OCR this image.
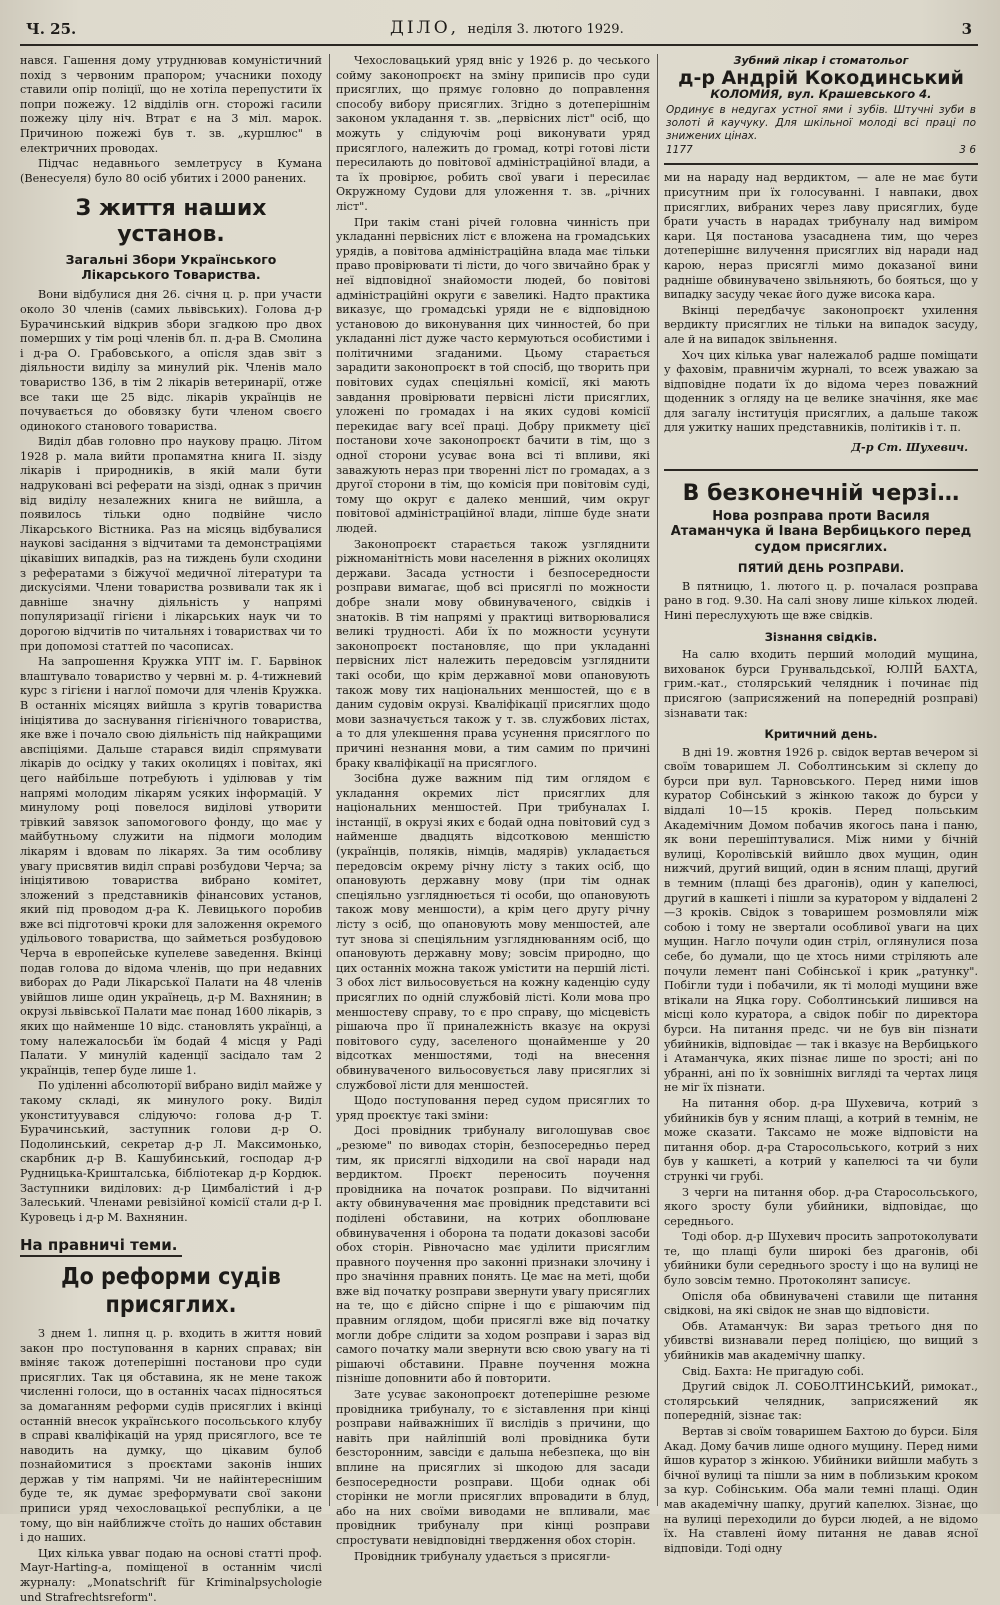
Ч. 25.	ДІЛО, неділя 3. лютого 1929.	3

нався. Гашення дому утруднював комуністичний похід з червоним прапором; учасники походу ставили опір поліції, що не хотіла перепустити їх попри пожежу. 12 відділів огн. сторожі гасили пожежу цілу ніч. Втрат є на 3 міл. марок. Причиною пожежі був т. зв. „куршлюс" в електричних проводах.

Підчас недавнього землетрусу в Кумана (Венесуеля) було 80 осіб убитих і 2000 ранених.

З життя наших установ.
Загальні Збори Українського Лікарського Товариства.

Вони відбулися дня 26. січня ц. р. при участи около 30 членів (самих львівських). Голова д-р Бурачинський відкрив збори згадкою про двох померших у тім році членів бл. п. д-ра В. Смолина і д-ра О. Грабовського, а опісля здав звіт з діяльности виділу за минулий рік. Членів мало товариство 136, в тім 2 лікарів ветеринарії, отже все таки ще 25 відс. лікарів українців не почувається до обовязку бути членом своєго одинокого станового товариства.

Виділ дбав головно про наукову працю. Літом 1928 р. мала вийти пропамятна книга II. зізду лікарів і природників, в якій мали бути надруковані всі реферати на зізді, однак з причин від виділу незалежних книга не вийшла, а появилось тільки одно подвійне число Лікарського Вістника. Раз на місяць відбувалися наукові засідання з відчитами та демонстраціями цікавіших випадків, раз на тиждень були сходини з рефератами з біжучої медичної літератури та дискусіями. Члени товариства розвивали так як і давніше значну діяльність у напрямі популяризації гігієни і лікарських наук чи то дорогою відчитів по читальнях і товариствах чи то при допомозі статтей по часописах.

На запрошення Кружка УПТ ім. Г. Барвінок влаштувало товариство у червні м. р. 4-тижневий курс з гігієни і наглої помочи для членів Кружка. В останніх місяцях вийшла з кругів товариства ініціятива до заснування гігієнічного товариства, яке вже і почало свою діяльність під найкращими авспіціями. Дальше старався виділ спрямувати лікарів до осідку у таких околицях і повітах, які цего найбільше потребують і уділював у тім напрямі молодим лікарям усяких інформацій. У минулому році повелося виділові утворити трівкий завязок запомогового фонду, що має у майбутньому служити на підмоги молодим лікарям і вдовам по лікарях. За тим особливу увагу присвятив виділ справі розбудови Черча; за ініціятивою товариства вибрано комітет, зложений з представників фінансових установ, який під проводом д-ра К. Левицького поробив вже всі підготовчі кроки для заложення окремого удільового товариства, що займеться розбудовою Черча в европейське купелеве заведення. Вкінці подав голова до відома членів, що при недавних виборах до Ради Лікарської Палати на 48 членів увійшов лише один українець, д-р М. Вахнянин; в окрузі львівської Палати має понад 1600 лікарів, з яких що найменше 10 відс. становлять українці, а тому належалосьби їм бодай 4 місця у Раді Палати. У минулій каденції засідало там 2 українців, тепер буде лише 1.

По уділенні абсолюторії вибрано виділ майже у такому складі, як минулого року. Виділ уконституувався слідуючо: голова д-р Т. Бурачинський, заступник голови д-р О. Подолинський, секретар д-р Л. Максимонько, скарбник д-р В. Кашубинський, господар д-р Рудницька-Кришталська, бібліотекар д-р Кордюк. Заступники виділових: д-р Цимбалістий і д-р Залеський. Членами ревізійної комісії стали д-р І. Куровець і д-р М. Вахнянин.

На правничі теми.
До реформи судів присяглих.

З днем 1. липня ц. р. входить в життя новий закон про поступовання в карних справах; він вміняє також дотеперішні постанови про суди присяглих. Так ця обставина, як не мене також численні голоси, що в останніх часах підносяться за домаганням реформи судів присяглих і вкінці останній внесок українського посольського клубу в справі кваліфікацій на уряд присяглого, все те наводить на думку, що цікавим булоб познайомитися з проєктами законів інших держав у тім напрямі. Чи не найінтереснішим буде те, як думає зреформувати свої закони приписи уряд чехословацької республіки, а це тому, що він найближче стоїть до наших обставин і до наших.

Цих кілька увваг подаю на основі статті проф. Mayr-Harting-a, поміщеної в останнім числі журналу: „Monatschrift für Kriminalpsychologie und Strafrechtsreform".

Чехословацький уряд вніс у 1926 р. до чеського сойму законопроєкт на зміну приписів про суди присяглих, що прямує головно до поправлення способу вибору присяглих. Згідно з дотеперішнім законом укладання т. зв. „первісних ліст" осіб, що можуть у слідуючім році виконувати уряд присяглого, належить до громад, котрі готові лісти пересилають до повітової адміністраційної влади, а та їх провірює, робить свої уваги і пересилає Окружному Судови для уложення т. зв. „річних ліст".

При такім стані річей головна чинність при укладанні первісних ліст є вложена на громадських урядів, а повітова адміністраційна влада має тільки право провірювати ті лісти, до чого звичайно брак у неї відповідної знайомости людей, бо повітові адміністраційні округи є завеликі. Надто практика виказує, що громадські уряди не є відповідною установою до виконування цих чинностей, бо при укладанні ліст дуже часто кермуються особистими і політичними згаданими. Цьому старається зарадити законопроєкт в той спосіб, що творить при повітових судах спеціяльні комісії, які мають завдання провірювати первісні лісти присяглих, уложені по громадах і на яких судові комісії перекидає вагу всеї праці. Добру прикмету цієї постанови хоче законопроєкт бачити в тім, що з одної сторони усуває вона всі ті впливи, які заважують нераз при творенні ліст по громадах, а з другої сторони в тім, що комісія при повітовім суді, тому що округ є далеко менший, чим округ повітової адміністраційної влади, ліпше буде знати людей.

Законопроєкт старається також узгляднити ріжноманітність мови населення в ріжних околицях держави. Засада устности і безпосередности розправи вимагає, щоб всі присяглі по можности добре знали мову обвинуваченого, свідків і знатоків. В тім напрямі у практиці витворювалися великі трудності. Аби їх по можности усунути законопроєкт постановляє, що при укладанні первісних ліст належить передовсім узгляднити такі особи, що крім державної мови опановують також мову тих національних меншостей, що є в даним судовім окрузі. Кваліфікації присяглих щодо мови зазначується також у т. зв. службових лістах, а то для улекшення права усунення присяглого по причині незнання мови, а тим самим по причині браку кваліфікації на присяглого.

Зосібна дуже важним під тим оглядом є укладання окремих ліст присяглих для національних меншостей. При трибуналах I. інстанції, в окрузі яких є бодай одна повітовий суд з найменше двадцять відсотковою меншістю (українців, поляків, німців, мадярів) укладається передовсім окрему річну лісту з таких осіб, що опановують державну мову (при тім однак спеціяльно узгляднюється ті особи, що опановують також мову меншости), а крім цего другу річну лісту з осіб, що опановують мову меншостей, але тут знова зі спеціяльним узгляднюванням осіб, що опановують державну мову; зовсім природно, що цих останніх можна також умістити на першій лісті. З обох ліст вильосовується на кожну каденцію суду присяглих по одній службовій лісті. Коли мова про меншостеву справу, то є про справу, що місцевість рішаюча про її приналежність вказує на окрузі повітового суду, заселеного щонайменше у 20 відсотках меншостями, тоді на внесення обвинуваченого вильосовується лаву присяглих зі службової лісти для меншостей.

Щодо поступовання перед судом присяглих то уряд проєктує такі зміни:

Досі провідник трибуналу виголошував своє „резюме" по виводах сторін, безпосередньо перед тим, як присяглі відходили на свої наради над вердиктом. Проєкт переносить поучення провідника на початок розправи. По відчитанні акту обвинувачення має провідник представити всі поділені обставини, на котрих обоплюване обвинувачення і оборона та подати доказові засоби обох сторін. Рівночасно має уділити присяглим правного поучення про законні признаки злочину і про значіння правних понять. Це має на меті, щоби вже від початку розправи звернути увагу присяглих на те, що є дійсно спірне і що є рішаючим під правним оглядом, щоби присяглі вже від початку могли добре слідити за ходом розправи і зараз від самого початку мали звернути всю свою увагу на ті рішаючі обставини. Правне поучення можна пізніше доповнити або й повторити.

Зате усуває законопроєкт дотеперішне резюме провідника трибуналу, то є зіставлення при кінці розправи найважніших її вислідів з причини, що навіть при найліпшій волі провідника бути безсторонним, завсіди є дальша небезпека, що він вплине на присяглих зі шкодою для засади безпосередности розправи. Щоби однак обі сторінки не могли присяглих впровадити в блуд, або на них своїми виводами не впливали, має провідник трибуналу при кінці розправи спростувати невідповідні твердження обох сторін.

Провідник трибуналу удається з присягли-

Зубний лікар і стоматольог
д-р Андрій Кокодинський
КОЛОМИЯ, вул. Крашевського 4.
Ординує в недугах устної ями і зубів. Штучні зуби в золоті й каучуку. Для шкільної молоді всі праці по знижених цінах.
1177	3 6

ми на нараду над вердиктом, — але не має бути присутним при їх голосуванні. І навпаки, двох присяглих, вибраних через лаву присяглих, буде брати участь в нарадах трибуналу над виміром кари. Ця постанова узасаднена тим, що через дотеперішнє вилучення присяглих від наради над карою, нераз присяглі мимо доказаної вини радніше обвинувачено звільняють, бо бояться, що у випадку засуду чекає його дуже висока кара.

Вкінці передбачує законопроєкт ухилення вердикту присяглих не тільки на випадок засуду, але й на випадок звільнення.

Хоч цих кілька уваг належалоб радше поміщати у фаховім, правничім журналі, то всеж уважаю за відповідне подати їх до відома через поважний щоденник з огляду на це велике значіння, яке має для загалу інституція присяглих, а дальше також для ужитку наших представників, політиків і т. п.

Д-р Ст. Шухевич.
В безконечній черзі…
Нова розправа проти Василя Атаманчука й Івана Вербицького перед судом присяглих.
ПЯТИЙ ДЕНЬ РОЗПРАВИ.

В пятницю, 1. лютого ц. р. почалася розправа рано в год. 9.30. На салі знову лише кількох людей. Нині переслухують ще вже свідків.

Зізнання свідків.

На салю входить перший молодий мущина, вихованок бурси Грунвальдської, ЮЛІЙ БАХТА, грим.-кат., столярський челядник і починає під присягою (заприсяжений на попередній розправі) зізнавати так:

Критичний день.

В дні 19. жовтня 1926 р. свідок вертав вечером зі своїм товаришем Л. Соболтинським зі склепу до бурси при вул. Тарновського. Перед ними ішов куратор Собінський з жінкою також до бурси у віддалі 10—15 кроків. Перед польським Академічним Домом побачив якогось пана і паню, як вони перешіптувалися. Між ними у бічній вулиці, Королівській вийшло двох мущин, один нижчий, другий вищий, один в ясним плащі, другий в темним (плащі без драгонів), один у капелюсі, другий в кашкеті і пішли за куратором у віддалені 2—3 кроків. Свідок з товаришем розмовляли між собою і тому не звертали особливої уваги на цих мущин. Нагло почули один стріл, оглянулися поза себе, бо думали, що це хтось ними стріляють але почули лемент пані Собінської і крик „ратунку". Побігли туди і побачили, як ті молоді мущини вже втікали на Яцка гору. Соболтинський лишився на місці коло куратора, а свідок побіг по директора бурси. На питання предс. чи не був він пізнати убийників, відповідає — так і вказує на Вербицького і Атаманчука, яких пізнає лише по зрості; ані по убранні, ані по їх зовнішніх вигляді та чертах лиця не міг їх пізнати.

На питання обор. д-ра Шухевича, котрий з убийників був у ясним плащі, а котрий в темнім, не може сказати. Таксамо не може відповісти на питання обор. д-ра Старосольського, котрий з них був у кашкеті, а котрий у капелюсі та чи були стрункі чи грубі.

З черги на питання обор. д-ра Старосольського, якого зросту були убийники, відповідає, що середнього.

Тоді обор. д-р Шухевич просить запротоколувати те, що плащі були широкі без драгонів, обі убийники були середнього зросту і що на вулиці не було зовсім темно. Протоколянт записує.

Опісля оба обвинувачені ставили ще питання свідкові, на які свідок не знав що відповісти.

Обв. Атаманчук: Ви зараз третього дня по убивстві визнавали перед поліцією, що вищий з убийників мав академічну шапку.

Свід. Бахта: Не пригадую собі.

Другий свідок Л. СОБОЛТИНСЬКИЙ, римокат., столярський челядник, заприсяжений як попередній, зізнає так:

Вертав зі своїм товаришем Бахтою до бурси. Біля Акад. Дому бачив лише одного мущину. Перед ними йшов куратор з жінкою. Убийники вийшли мабуть з бічної вулиці та пішли за ним в поблизьким кроком за кур. Собінським. Оба мали темні плащі. Один мав академічну шапку, другий капелюх. Зізнає, що на вулиці переходили до бурси людей, а не відомо їх. На ставлені йому питання не давав ясної відповіди. Тоді одну
